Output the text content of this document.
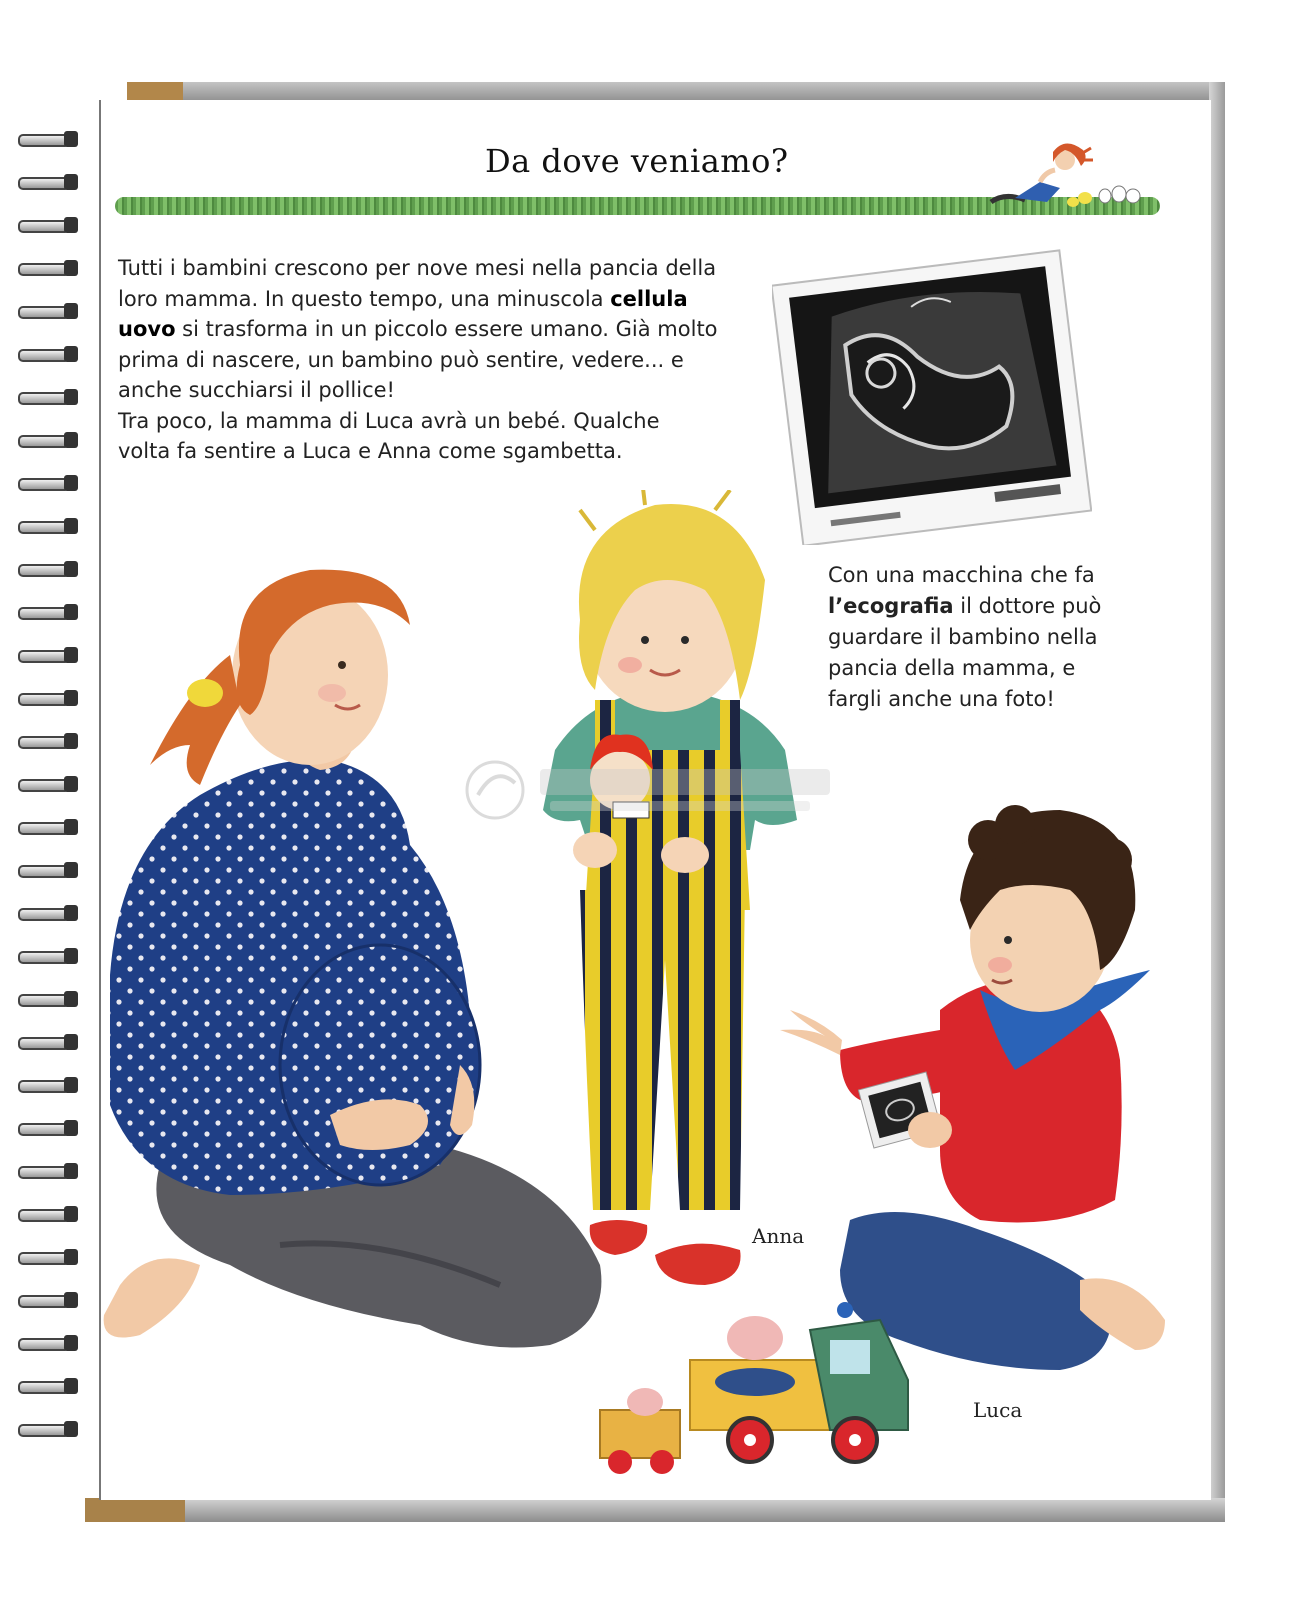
Da dove veniamo?

Tutti i bambini crescono per nove mesi nella pancia della loro mamma. In questo tempo, una minuscola cellula uovo si trasforma in un piccolo essere umano. Già molto prima di nascere, un bambino può sentire, vedere... e anche succhiarsi il pollice!
Tra poco, la mamma di Luca avrà un bebé. Qualche volta fa sentire a Luca e Anna come sgambetta.

Con una macchina che fa l’ecografia il dottore può guardare il bambino nella pancia della mamma, e fargli anche una foto!

Anna
Luca
